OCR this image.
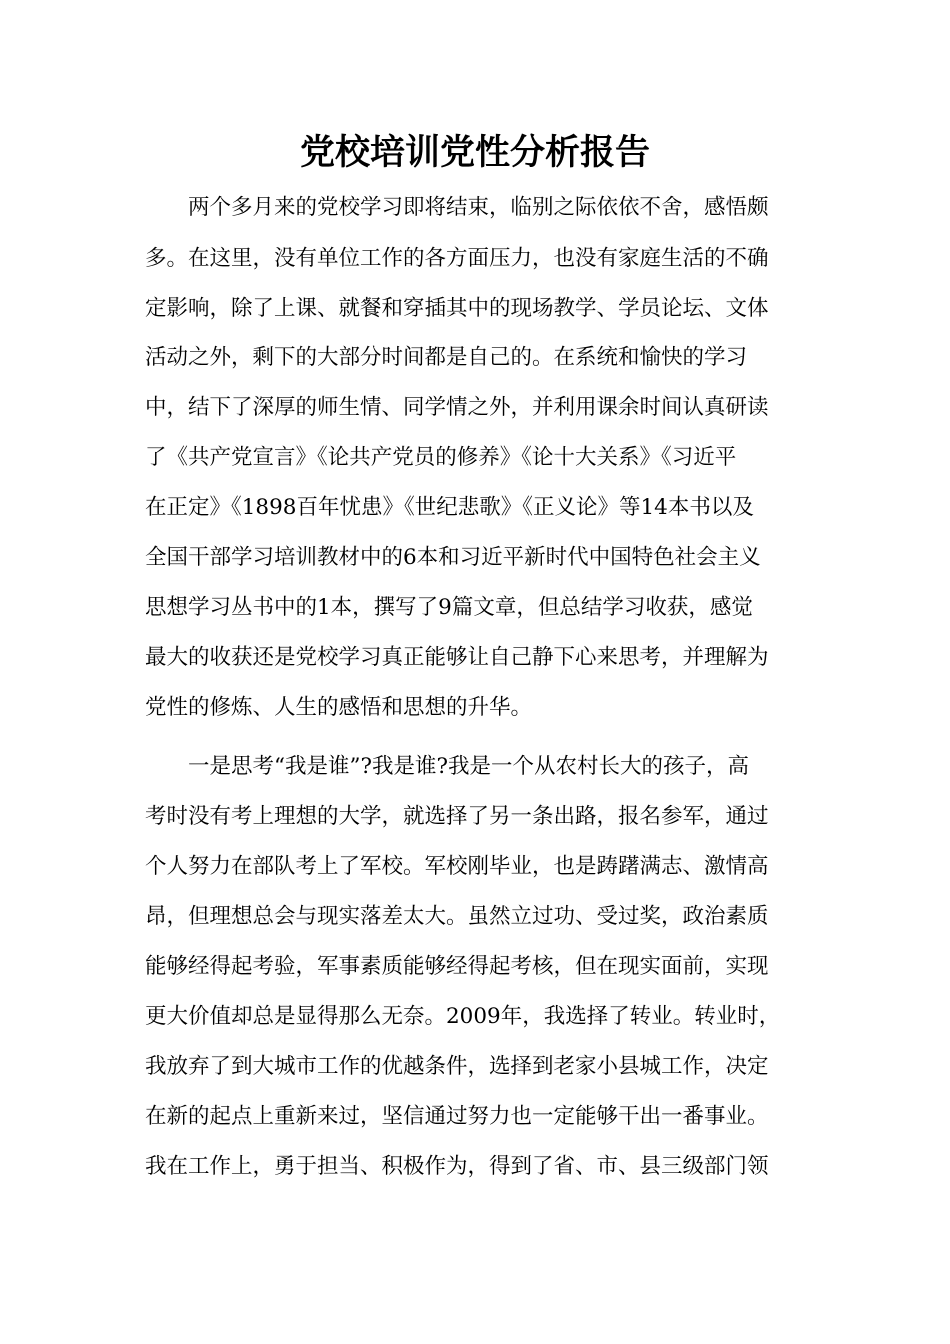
党校培训党性分析报告

两个多月来的党校学习即将结束，临别之际依依不舍，感悟颇

多。在这里，没有单位工作的各方面压力，也没有家庭生活的不确

定影响，除了上课、就餐和穿插其中的现场教学、学员论坛、文体

活动之外，剩下的大部分时间都是自己的。在系统和愉快的学习

中，结下了深厚的师生情、同学情之外，并利用课余时间认真研读

了《共产党宣言》《论共产党员的修养》《论十大关系》《习近平

在正定》《1898百年忧患》《世纪悲歌》《正义论》等14本书以及

全国干部学习培训教材中的6本和习近平新时代中国特色社会主义

思想学习丛书中的1本，撰写了9篇文章，但总结学习收获，感觉

最大的收获还是党校学习真正能够让自己静下心来思考，并理解为

党性的修炼、人生的感悟和思想的升华。

一是思考“我是谁”?我是谁?我是一个从农村长大的孩子，高

考时没有考上理想的大学，就选择了另一条出路，报名参军，通过

个人努力在部队考上了军校。军校刚毕业，也是踌躇满志、激情高

昂，但理想总会与现实落差太大。虽然立过功、受过奖，政治素质

能够经得起考验，军事素质能够经得起考核，但在现实面前，实现

更大价值却总是显得那么无奈。2009年，我选择了转业。转业时，

我放弃了到大城市工作的优越条件，选择到老家小县城工作，决定

在新的起点上重新来过，坚信通过努力也一定能够干出一番事业。

我在工作上，勇于担当、积极作为，得到了省、市、县三级部门领
